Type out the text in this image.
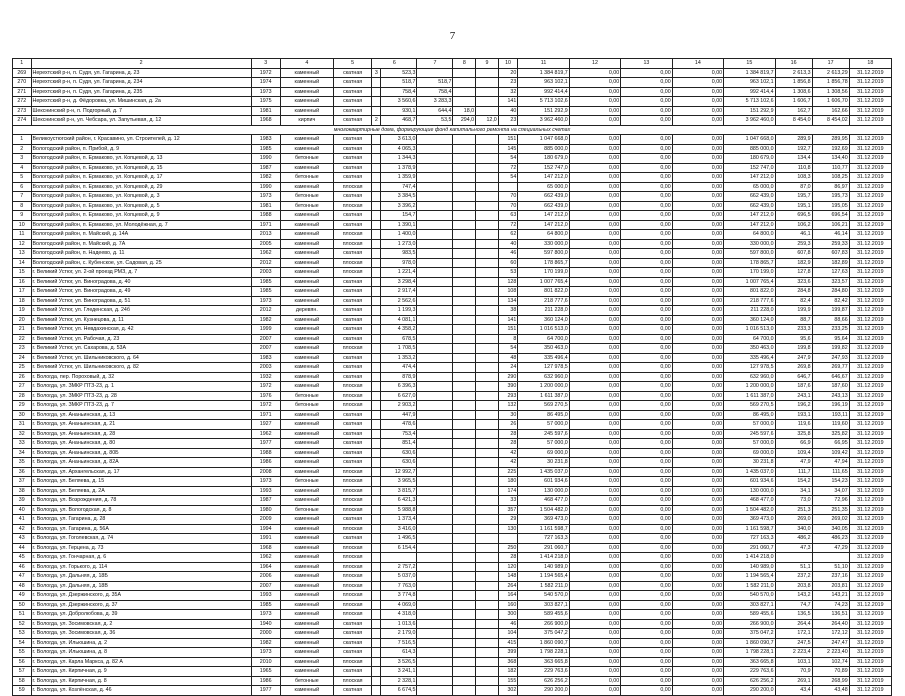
7
1	2	3	4	5	6		7	8	9	10	11	12	13	14	15	16	17	18
269	Нерехтский р-н, п. Судя, ул. Гагарина, д. 23	1972	каменный	скатная	3	523,3				20	1 384 819,7	0,00	0,00	0,00	1 384 819,7	2 613,3	2 613,29	31.12.2019
270	Нерехтский р-н, п. Судя, ул. Гагарина, д. 234	1974	каменный	скатная		518,7	518,7			23	963 102,1	0,00	0,00	0,00	963 102,1	1 856,8	1 856,78	31.12.2019
271	Нерехтский р-н, п. Судя, ул. Гагарина, д. 235	1973	каменный	скатная		758,4	758,4			32	992 414,4	0,00	0,00	0,00	992 414,4	1 308,6	1 308,56	31.12.2019
272	Нерехтский р-н, д. Фёдоровка, ул. Мишинская, д. 2а	1975	каменный	скатная		3 560,6	3 283,3			141	5 713 102,6	0,00	0,00	0,00	5 713 102,6	1 606,7	1 606,70	31.12.2019
273	Шекснинский р-н, п. Подгорный, д. 7	1981	каменный	скатная		930,1	644,4	18,0		40	151 292,9	0,00	0,00	0,00	151 292,9	162,7	162,66	31.12.2019
274	Шекснинский р-н, ул. Чебсара, ул. Запутьевая, д. 12	1968	кирпич	скатная	2	468,7	53,5	294,0	12,0	23	3 962 460,0	0,00	0,00	0,00	3 962 460,0	8 454,0	8 454,02	31.12.2019
многоквартирные дома, формирующие фонд капитального ремонта на специальных счетах																		
1	Великоустюгский район, г. Красавино, ул. Строителей, д. 12	1983	каменный	скатная		3 613,0				151	1 047 668,0	0,00	0,00	0,00	1 047 668,0	289,9	289,95	31.12.2019
2	Вологодский район, п. Прибой, д. 9	1985	каменный	скатная		4 065,3				145	885 000,0	0,00	0,00	0,00	885 000,0	192,7	192,69	31.12.2019
3	Вологодский район, п. Ермаково, ул. Копцевой, д. 13	1990	бетонные	скатная		1 344,3				54	180 679,0	0,00	0,00	0,00	180 679,0	134,4	134,40	31.12.2019
4	Вологодский район, п. Ермаково, ул. Копцевой, д. 15	1987	каменный	скатная		1 378,9				72	152 747,0	0,00	0,00	0,00	152 747,0	110,8	110,77	31.12.2019
5	Вологодский район, п. Ермаково, ул. Копцевой, д. 17	1982	бетонные	скатная		1 359,9				54	147 212,0	0,00	0,00	0,00	147 212,0	108,3	108,25	31.12.2019
6	Вологодский район, п. Ермаково, ул. Копцевой, д. 29	1990	каменный	плоская		747,4					65 000,0	0,00	0,00	0,00	65 000,0	87,0	86,97	31.12.2019
7	Вологодский район, п. Ермаково, ул. Копцевой, д. 3	1973	бетонные	скатная		3 384,5				70	662 439,0	0,00	0,00	0,00	662 439,0	195,7	195,73	31.12.2019
8	Вологодский район, п. Ермаково, ул. Копцевой, д. 5	1981	бетонные	плоская		3 396,2				70	662 439,0	0,00	0,00	0,00	662 439,0	195,1	195,05	31.12.2019
9	Вологодский район, п. Ермаково, ул. Копцевой, д. 9	1988	каменный	скатная		154,7				63	147 212,0	0,00	0,00	0,00	147 212,0	696,5	696,54	31.12.2019
10	Вологодский район, п. Ермаково, ул. Молодёжная, д. 7	1971	каменный	скатная		1 390,1				72	147 212,0	0,00	0,00	0,00	147 212,0	106,2	106,21	31.12.2019
11	Вологодский район, п. Майский, д. 14А	2013	каменный	плоская		1 400,0				62	64 800,0	0,00	0,00	0,00	64 800,0	46,1	46,14	31.12.2019
12	Вологодский район, п. Майский, д. 7А	2005	каменный	плоская		1 273,0				40	330 000,0	0,00	0,00	0,00	330 000,0	259,3	259,33	31.12.2019
13	Вологодский район, п. Надеево, д. 11	1962	каменный	скатная		983,5				46	597 800,0	0,00	0,00	0,00	597 800,0	607,8	607,83	31.12.2019
14	Вологодский район, с. Кубенское, ул. Садовая, д. 25	2012	каменный	плоская		978,0				60	178 865,7	0,00	0,00	0,00	178 865,7	182,9	182,89	31.12.2019
15	г. Великий Устюг, ул. 2-ой проезд РМЗ, д. 7	2003	каменный	плоская		1 221,4				53	170 199,0	0,00	0,00	0,00	170 199,0	127,8	127,63	31.12.2019
16	г. Великий Устюг, ул. Виноградова, д. 40	1985	каменный	скатная		3 298,4				128	1 007 765,4	0,00	0,00	0,00	1 007 765,4	323,6	323,57	31.12.2019
17	г. Великий Устюг, ул. Виноградова, д. 49	1985	каменный	скатная		2 917,4				108	801 822,0	0,00	0,00	0,00	801 822,0	284,8	284,80	31.12.2019
18	г. Великий Устюг, ул. Виноградова, д. 51	1973	каменный	скатная		2 562,6				134	218 777,6	0,00	0,00	0,00	218 777,6	82,4	82,42	31.12.2019
19	г. Великий Устюг, ул. Гледенская, д. 24б	2012	деревян.	скатная		1 199,3				38	211 228,0	0,00	0,00	0,00	211 228,0	199,9	199,87	31.12.2019
20	г. Великий Устюг, ул. Кузнецова, д. 11	1982	каменный	скатная		4 081,1				141	360 124,0	0,00	0,00	0,00	360 124,0	88,7	88,66	31.12.2019
21	г. Великий Устюг, ул. Невдахинская, д. 42	1999	каменный	скатная		4 358,2				151	1 016 513,0	0,00	0,00	0,00	1 016 513,0	233,3	233,25	31.12.2019
22	г. Великий Устюг, ул. Рабочая, д. 23	2007	каменный	скатная		678,5				8	64 700,0	0,00	0,00	0,00	64 700,0	95,6	95,64	31.12.2019
23	г. Великий Устюг, ул. Сахарова, д. 53А	2007	каменный	плоская		1 708,5				54	350 463,0	0,00	0,00	0,00	350 463,0	199,8	199,82	31.12.2019
24	г. Великий Устюг, ул. Шильниковского, д. 64	1983	каменный	скатная		1 353,2				48	335 496,4	0,00	0,00	0,00	335 496,4	247,9	247,93	31.12.2019
25	г. Великий Устюг, ул. Шильниковского, д. 82	2003	каменный	скатная		474,4				24	127 978,5	0,00	0,00	0,00	127 978,5	269,8	269,77	31.12.2019
26	г. Вологда, пер. Пороховый, д. 32	1932	каменный	скатная		878,9				290	632 960,0	0,00	0,00	0,00	632 960,0	646,7	646,67	31.12.2019
27	г. Вологда, ул. ЗМКР ПТЗ-23, д. 1	1972	каменный	плоская		6 396,3				390	1 200 000,0	0,00	0,00	0,00	1 200 000,0	187,6	187,60	31.12.2019
28	г. Вологда, ул. ЗМКР ПТЗ-23, д. 28	1976	бетонные	плоская		6 627,0				293	1 611 387,0	0,00	0,00	0,00	1 611 387,0	243,1	243,13	31.12.2019
29	г. Вологда, ул. ЗМКР ПТЗ-23, д. 7	1972	бетонные	плоская		2 903,2				132	569 270,5	0,00	0,00	0,00	569 270,5	196,2	196,19	31.12.2019
30	г. Вологда, ул. Ананьинская, д. 13	1971	каменный	скатная		447,9				30	86 495,0	0,00	0,00	0,00	86 495,0	193,1	193,11	31.12.2019
31	г. Вологда, ул. Ананьинская, д. 21	1927	каменный	скатная		478,6				26	57 000,0	0,00	0,00	0,00	57 000,0	119,6	119,60	31.12.2019
32	г. Вологда, ул. Ананьинская, д. 28	1962	каменный	скатная		753,4				28	245 597,6	0,00	0,00	0,00	245 597,6	325,8	325,82	31.12.2019
33	г. Вологда, ул. Ананьинская, д. 80	1977	каменный	скатная		851,4				28	57 000,0	0,00	0,00	0,00	57 000,0	66,9	66,95	31.12.2019
34	г. Вологда, ул. Ананьинская, д. 80Б	1988	каменный	скатная		630,6				42	69 000,0	0,00	0,00	0,00	69 000,0	109,4	109,42	31.12.2019
35	г. Вологда, ул. Ананьинская, д. 82А	1986	каменный	скатная		630,6				42	30 231,8	0,00	0,00	0,00	30 231,8	47,9	47,94	31.12.2019
36	г. Вологда, ул. Архангельская, д. 17	2008	каменный	плоская		12 992,7				225	1 435 037,0	0,00	0,00	0,00	1 435 037,0	111,7	111,65	31.12.2019
37	г. Вологда, ул. Беляева, д. 15	1973	бетонные	плоская		3 965,5				180	601 934,6	0,00	0,00	0,00	601 934,6	154,2	154,23	31.12.2019
38	г. Вологда, ул. Беляева, д. 2А	1993	каменный	плоская		3 815,7				174	130 000,0	0,00	0,00	0,00	130 000,0	34,1	34,07	31.12.2019
39	г. Вологда, ул. Возрождения, д. 78	1987	каменный	плоская		6 421,3				33	468 477,0	0,00	0,00	0,00	468 477,0	73,0	72,96	31.12.2019
40	г. Вологда, ул. Вологодская, д. 8	1980	бетонные	плоская		5 988,8				357	1 504 482,0	0,00	0,00	0,00	1 504 482,0	251,3	251,35	31.12.2019
41	г. Вологда, ул. Гагарина, д. 28	2009	каменный	скатная		1 373,4				29	369 473,0	0,00	0,00	0,00	369 473,0	269,0	269,02	31.12.2019
42	г. Вологда, ул. Гагарина, д. 56А	1994	каменный	плоская		3 416,0				130	1 161 598,7	0,00	0,00	0,00	1 161 598,7	340,0	340,05	31.12.2019
43	г. Вологда, ул. Гоголевская, д. 74	1991	каменный	скатная		1 496,5					727 163,3	0,00	0,00	0,00	727 163,3	486,2	486,23	31.12.2019
44	г. Вологда, ул. Герцена, д. 73	1968	каменный	плоская		6 154,4				250	291 060,7	0,00	0,00	0,00	291 060,7	47,3	47,29	31.12.2019
45	г. Вологда, ул. Гончарная, д. 6	1962	каменный	плоская						28	1 414 218,0	0,00	0,00	0,00	1 414 218,0			31.12.2019
46	г. Вологда, ул. Горького, д. 114	1964	каменный	плоская		2 757,2				120	140 989,0	0,00	0,00	0,00	140 989,0	51,1	51,10	31.12.2019
47	г. Вологда, ул. Дальняя, д. 18Б	2006	каменный	плоская		5 037,0				148	1 194 565,4	0,00	0,00	0,00	1 194 565,4	237,2	237,16	31.12.2019
48	г. Вологда, ул. Дальняя, д. 18В	2007	каменный	плоская		7 763,0				264	1 582 211,0	0,00	0,00	0,00	1 582 211,0	203,8	203,81	31.12.2019
49	г. Вологда, ул. Дзержинского, д. 35А	1993	каменный	плоская		3 774,8				164	540 570,0	0,00	0,00	0,00	540 570,0	143,2	143,21	31.12.2019
50	г. Вологда, ул. Дзержинского, д. 37	1985	каменный	плоская		4 069,0				160	303 827,1	0,00	0,00	0,00	303 827,1	74,7	74,23	31.12.2019
51	г. Вологда, ул. Добролюбова, д. 39	1973	каменный	плоская		4 318,0				300	589 455,6	0,00	0,00	0,00	589 455,6	136,5	136,51	31.12.2019
52	г. Вологда, ул. Зосимовская, д. 2	1940	каменный	скатная		1 013,6				46	266 900,0	0,00	0,00	0,00	266 900,0	264,4	264,40	31.12.2019
53	г. Вологда, ул. Зосимовская, д. 36	2000	каменный	скатная		2 179,0				104	375 047,2	0,00	0,00	0,00	375 047,2	172,1	172,12	31.12.2019
54	г. Вологда, ул. Ильюшина, д. 2	1982	каменный	скатная		7 516,5				415	1 860 090,7	0,00	0,00	0,00	1 860 090,7	247,5	247,47	31.12.2019
55	г. Вологда, ул. Ильюшина, д. 8	1973	каменный	скатная		614,3				399	1 798 228,1	0,00	0,00	0,00	1 798 228,1	2 223,4	2 223,40	31.12.2019
56	г. Вологда, ул. Карла Маркса, д. 82 А	2010	каменный	плоская		3 526,5				368	363 665,8	0,00	0,00	0,00	363 665,8	103,1	102,74	31.12.2019
57	г. Вологда, ул. Кирпичная, д. 9	1965	каменный	скатная		3 241,1				182	229 763,6	0,00	0,00	0,00	229 763,6	70,9	70,89	31.12.2019
58	г. Вологда, ул. Кирпичная, д. 8	1986	бетонные	плоская		2 328,1				155	626 256,2	0,00	0,00	0,00	626 256,2	269,1	268,99	31.12.2019
59	г. Вологда, ул. Козлёнская, д. 46	1977	каменный	скатная		6 674,5				302	290 200,0	0,00	0,00	0,00	290 200,0	43,4	43,48	31.12.2019
